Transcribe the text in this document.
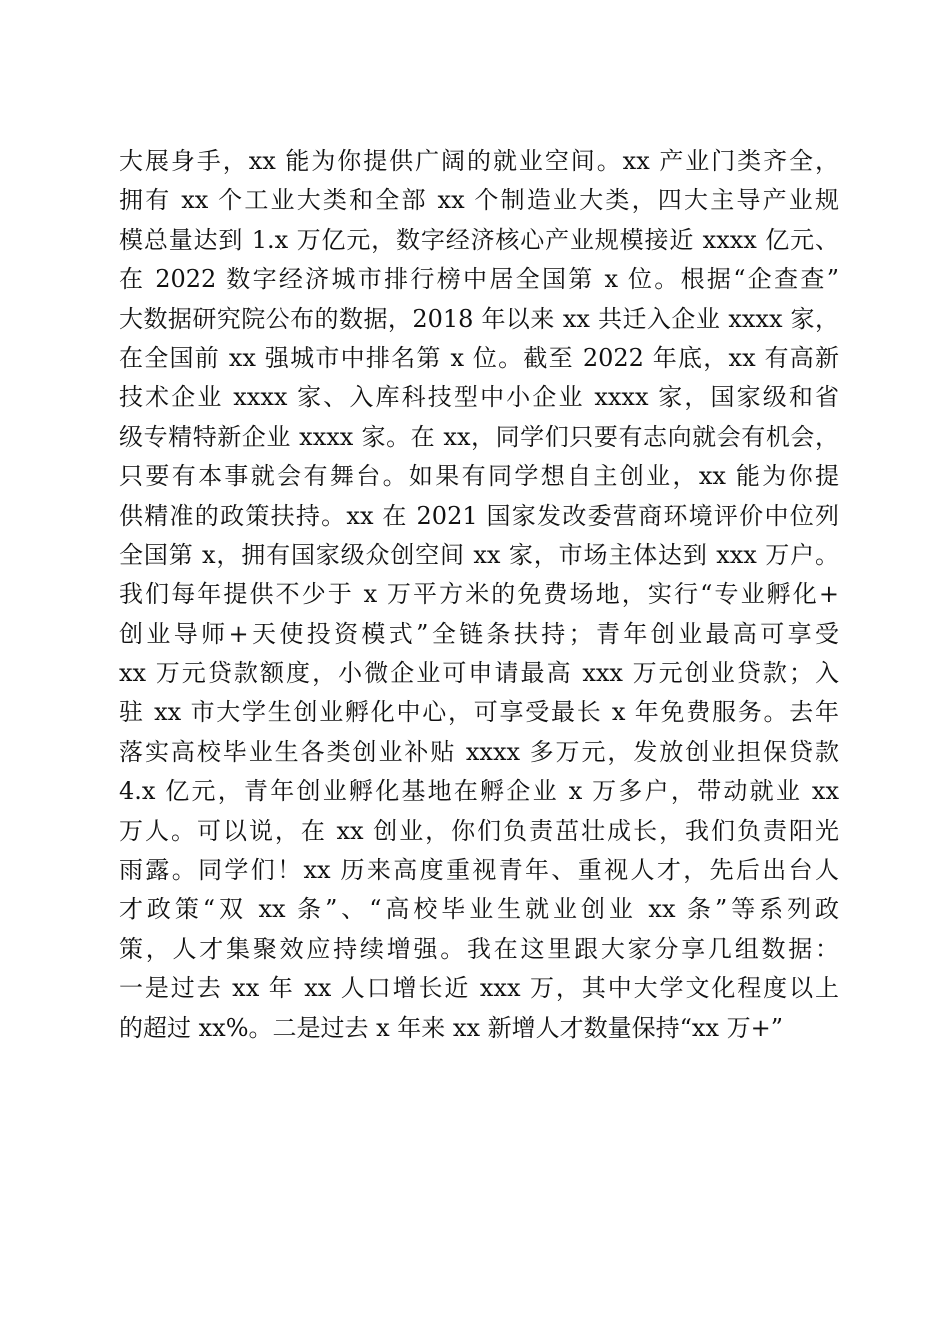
大展身手，xx 能为你提供广阔的就业空间。xx 产业门类齐全，
拥有 xx 个工业大类和全部 xx 个制造业大类，四大主导产业规
模总量达到 1.x 万亿元，数字经济核心产业规模接近 xxxx 亿元、
在 2022 数字经济城市排行榜中居全国第 x 位。根据“企查查”
大数据研究院公布的数据，2018 年以来 xx 共迁入企业 xxxx 家，
在全国前 xx 强城市中排名第 x 位。截至 2022 年底，xx 有高新
技术企业 xxxx 家、入库科技型中小企业 xxxx 家，国家级和省
级专精特新企业 xxxx 家。在 xx，同学们只要有志向就会有机会，
只要有本事就会有舞台。如果有同学想自主创业，xx 能为你提
供精准的政策扶持。xx 在 2021 国家发改委营商环境评价中位列
全国第 x，拥有国家级众创空间 xx 家，市场主体达到 xxx 万户。
我们每年提供不少于 x 万平方米的免费场地，实行“专业孵化+
创业导师+天使投资模式”全链条扶持；青年创业最高可享受
xx 万元贷款额度，小微企业可申请最高 xxx 万元创业贷款；入
驻 xx 市大学生创业孵化中心，可享受最长 x 年免费服务。去年
落实高校毕业生各类创业补贴 xxxx 多万元，发放创业担保贷款
4.x 亿元，青年创业孵化基地在孵企业 x 万多户，带动就业 xx
万人。可以说，在 xx 创业，你们负责茁壮成长，我们负责阳光
雨露。同学们！xx 历来高度重视青年、重视人才，先后出台人
才政策“双 xx 条”、“高校毕业生就业创业 xx 条”等系列政
策，人才集聚效应持续增强。我在这里跟大家分享几组数据：
一是过去 xx 年 xx 人口增长近 xxx 万，其中大学文化程度以上
的超过 xx%。二是过去 x 年来 xx 新增人才数量保持“xx 万+”
